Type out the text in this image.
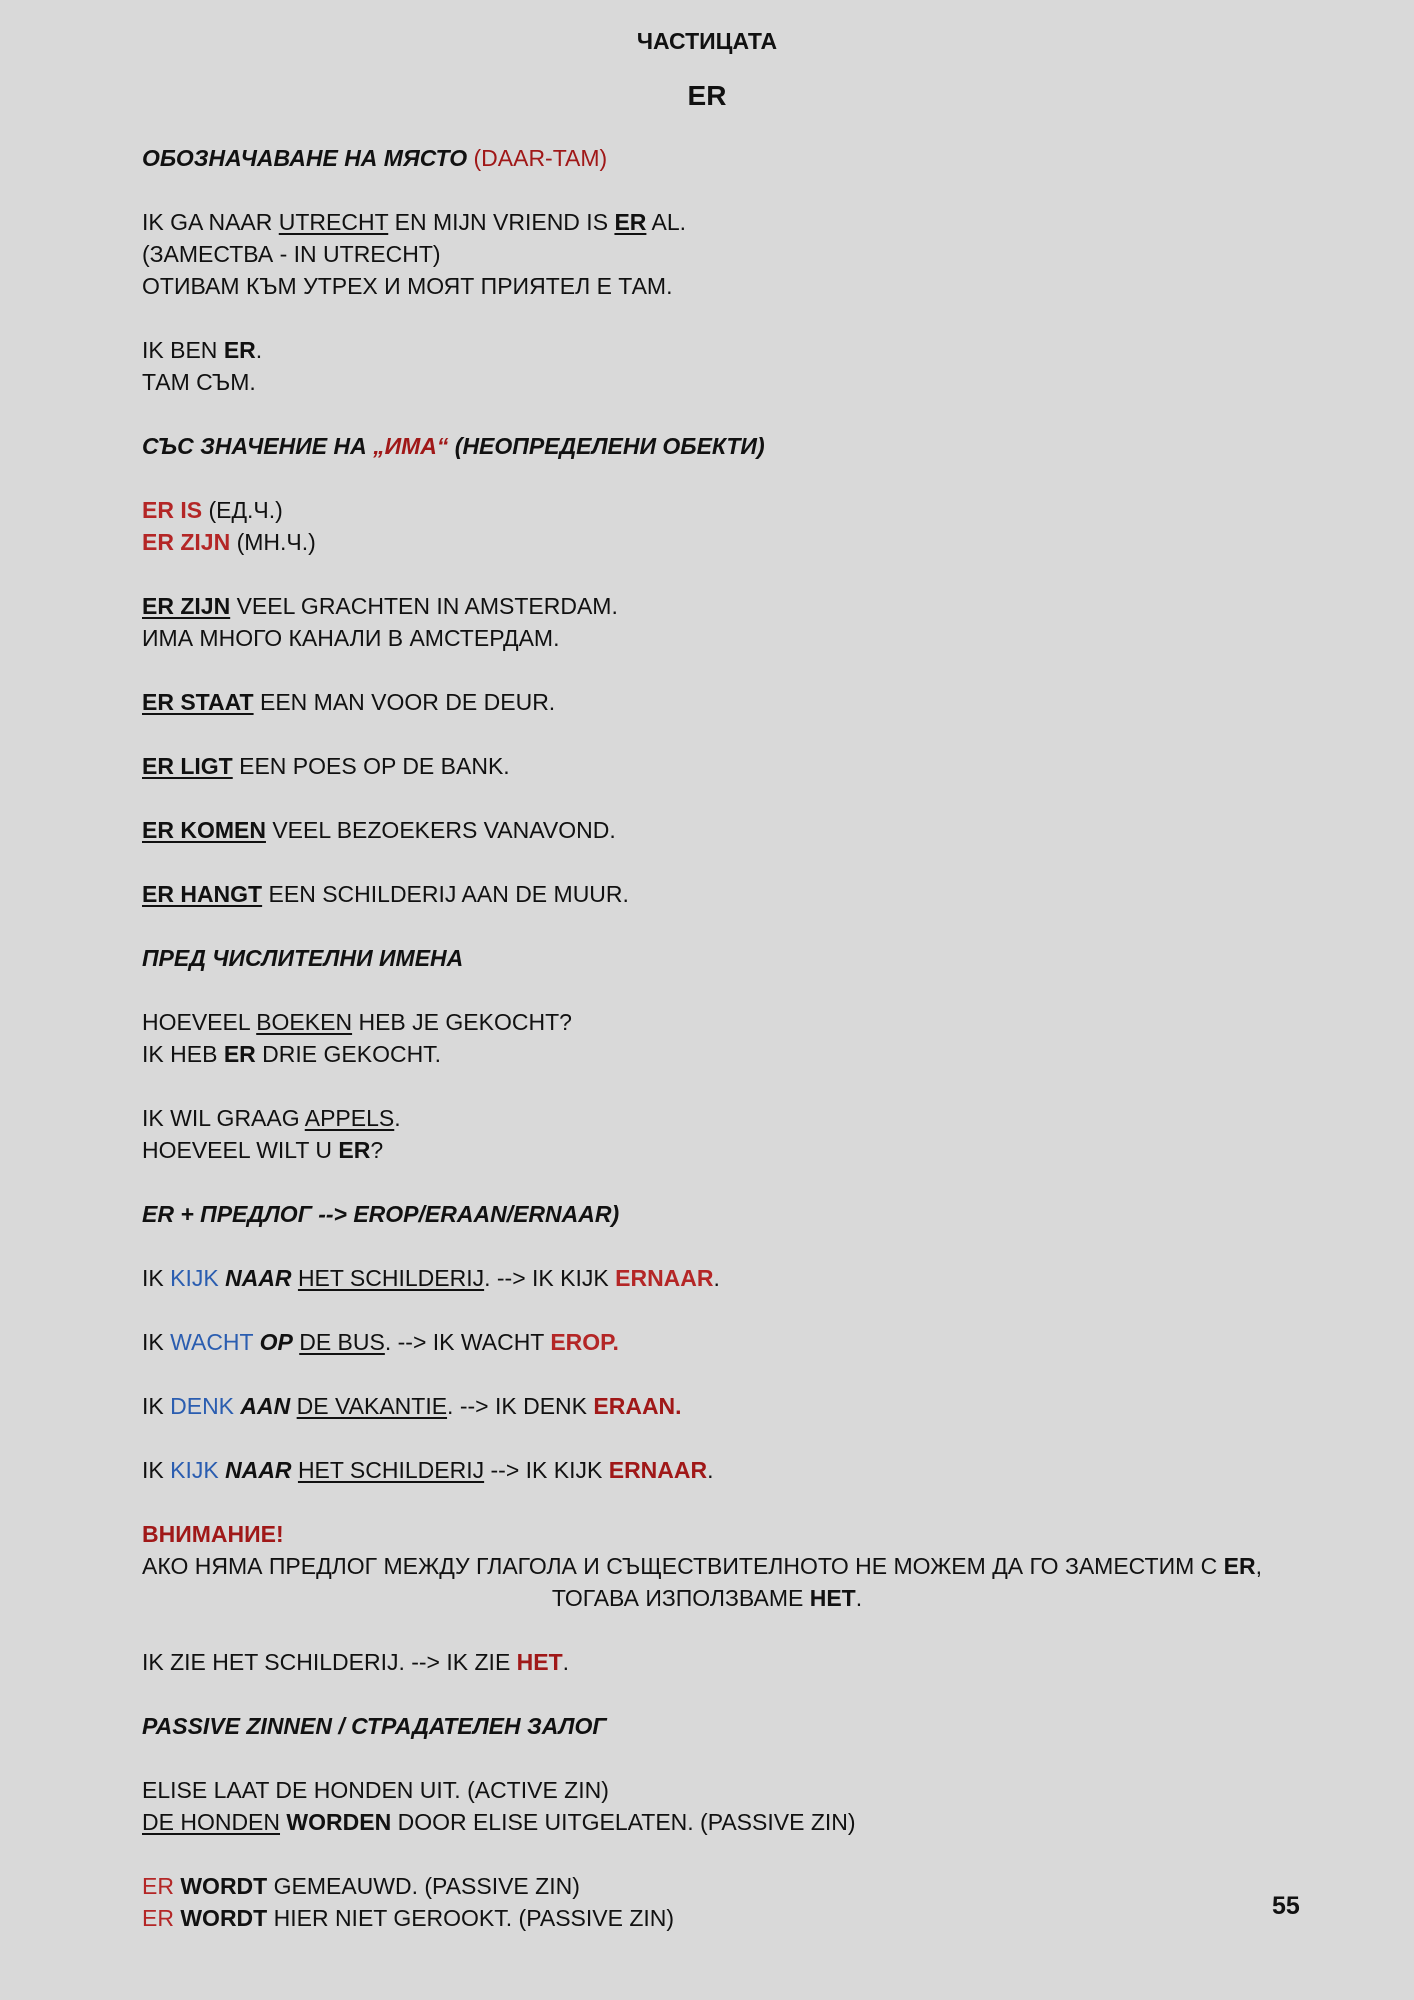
ЧАСТИЦАТА
ER
ОБОЗНАЧАВАНЕ НА МЯСТО (DAAR-TAM)
IK GA NAAR UTRECHT EN MIJN VRIEND IS ER AL.
(ЗАМЕСТВА - IN UTRECHT)
ОТИВАМ КЪМ УТРЕХ И МОЯТ ПРИЯТЕЛ Е ТАМ.
IK BEN ER.
ТАМ СЪМ.
СЪС ЗНАЧЕНИЕ НА „ИМА“ (НЕОПРЕДЕЛЕНИ ОБЕКТИ)
ER IS (ЕД.Ч.)
ER ZIJN (МН.Ч.)
ER ZIJN VEEL GRACHTEN IN AMSTERDAM.
ИМА МНОГО КАНАЛИ В АМСТЕРДАМ.
ER STAAT EEN MAN VOOR DE DEUR.
ER LIGT EEN POES OP DE BANK.
ER KOMEN VEEL BEZOEKERS VANAVOND.
ER HANGT EEN SCHILDERIJ AAN DE MUUR.
ПРЕД ЧИСЛИТЕЛНИ ИМЕНА
HOEVEEL BOEKEN HEB JE GEKOCHT?
IK HEB ER DRIE GEKOCHT.
IK WIL GRAAG APPELS.
HOEVEEL WILT U ER?
ER + ПРЕДЛОГ --> EROP/ERAAN/ERNAAR)
IK KIJK NAAR HET SCHILDERIJ. --> IK KIJK ERNAAR.
IK WACHT OP DE BUS. --> IK WACHT EROP.
IK DENK AAN DE VAKANTIE. --> IK DENK ERAAN.
IK KIJK NAAR HET SCHILDERIJ --> IK KIJK ERNAAR.
ВНИМАНИЕ!
АКО НЯМА ПРЕДЛОГ МЕЖДУ ГЛАГОЛА И СЪЩЕСТВИТЕЛНОТО НЕ МОЖЕМ ДА ГО ЗАМЕСТИМ С ER,
ТОГАВА ИЗПОЛЗВАМЕ HET.
IK ZIE HET SCHILDERIJ. --> IK ZIE HET.
PASSIVE ZINNEN / СТРАДАТЕЛЕН ЗАЛОГ
ELISE LAAT DE HONDEN UIT. (ACTIVE ZIN)
DE HONDEN WORDEN DOOR ELISE UITGELATEN. (PASSIVE ZIN)
ER WORDT GEMEAUWD. (PASSIVE ZIN)
ER WORDT HIER NIET GEROOKT. (PASSIVE ZIN)	55
